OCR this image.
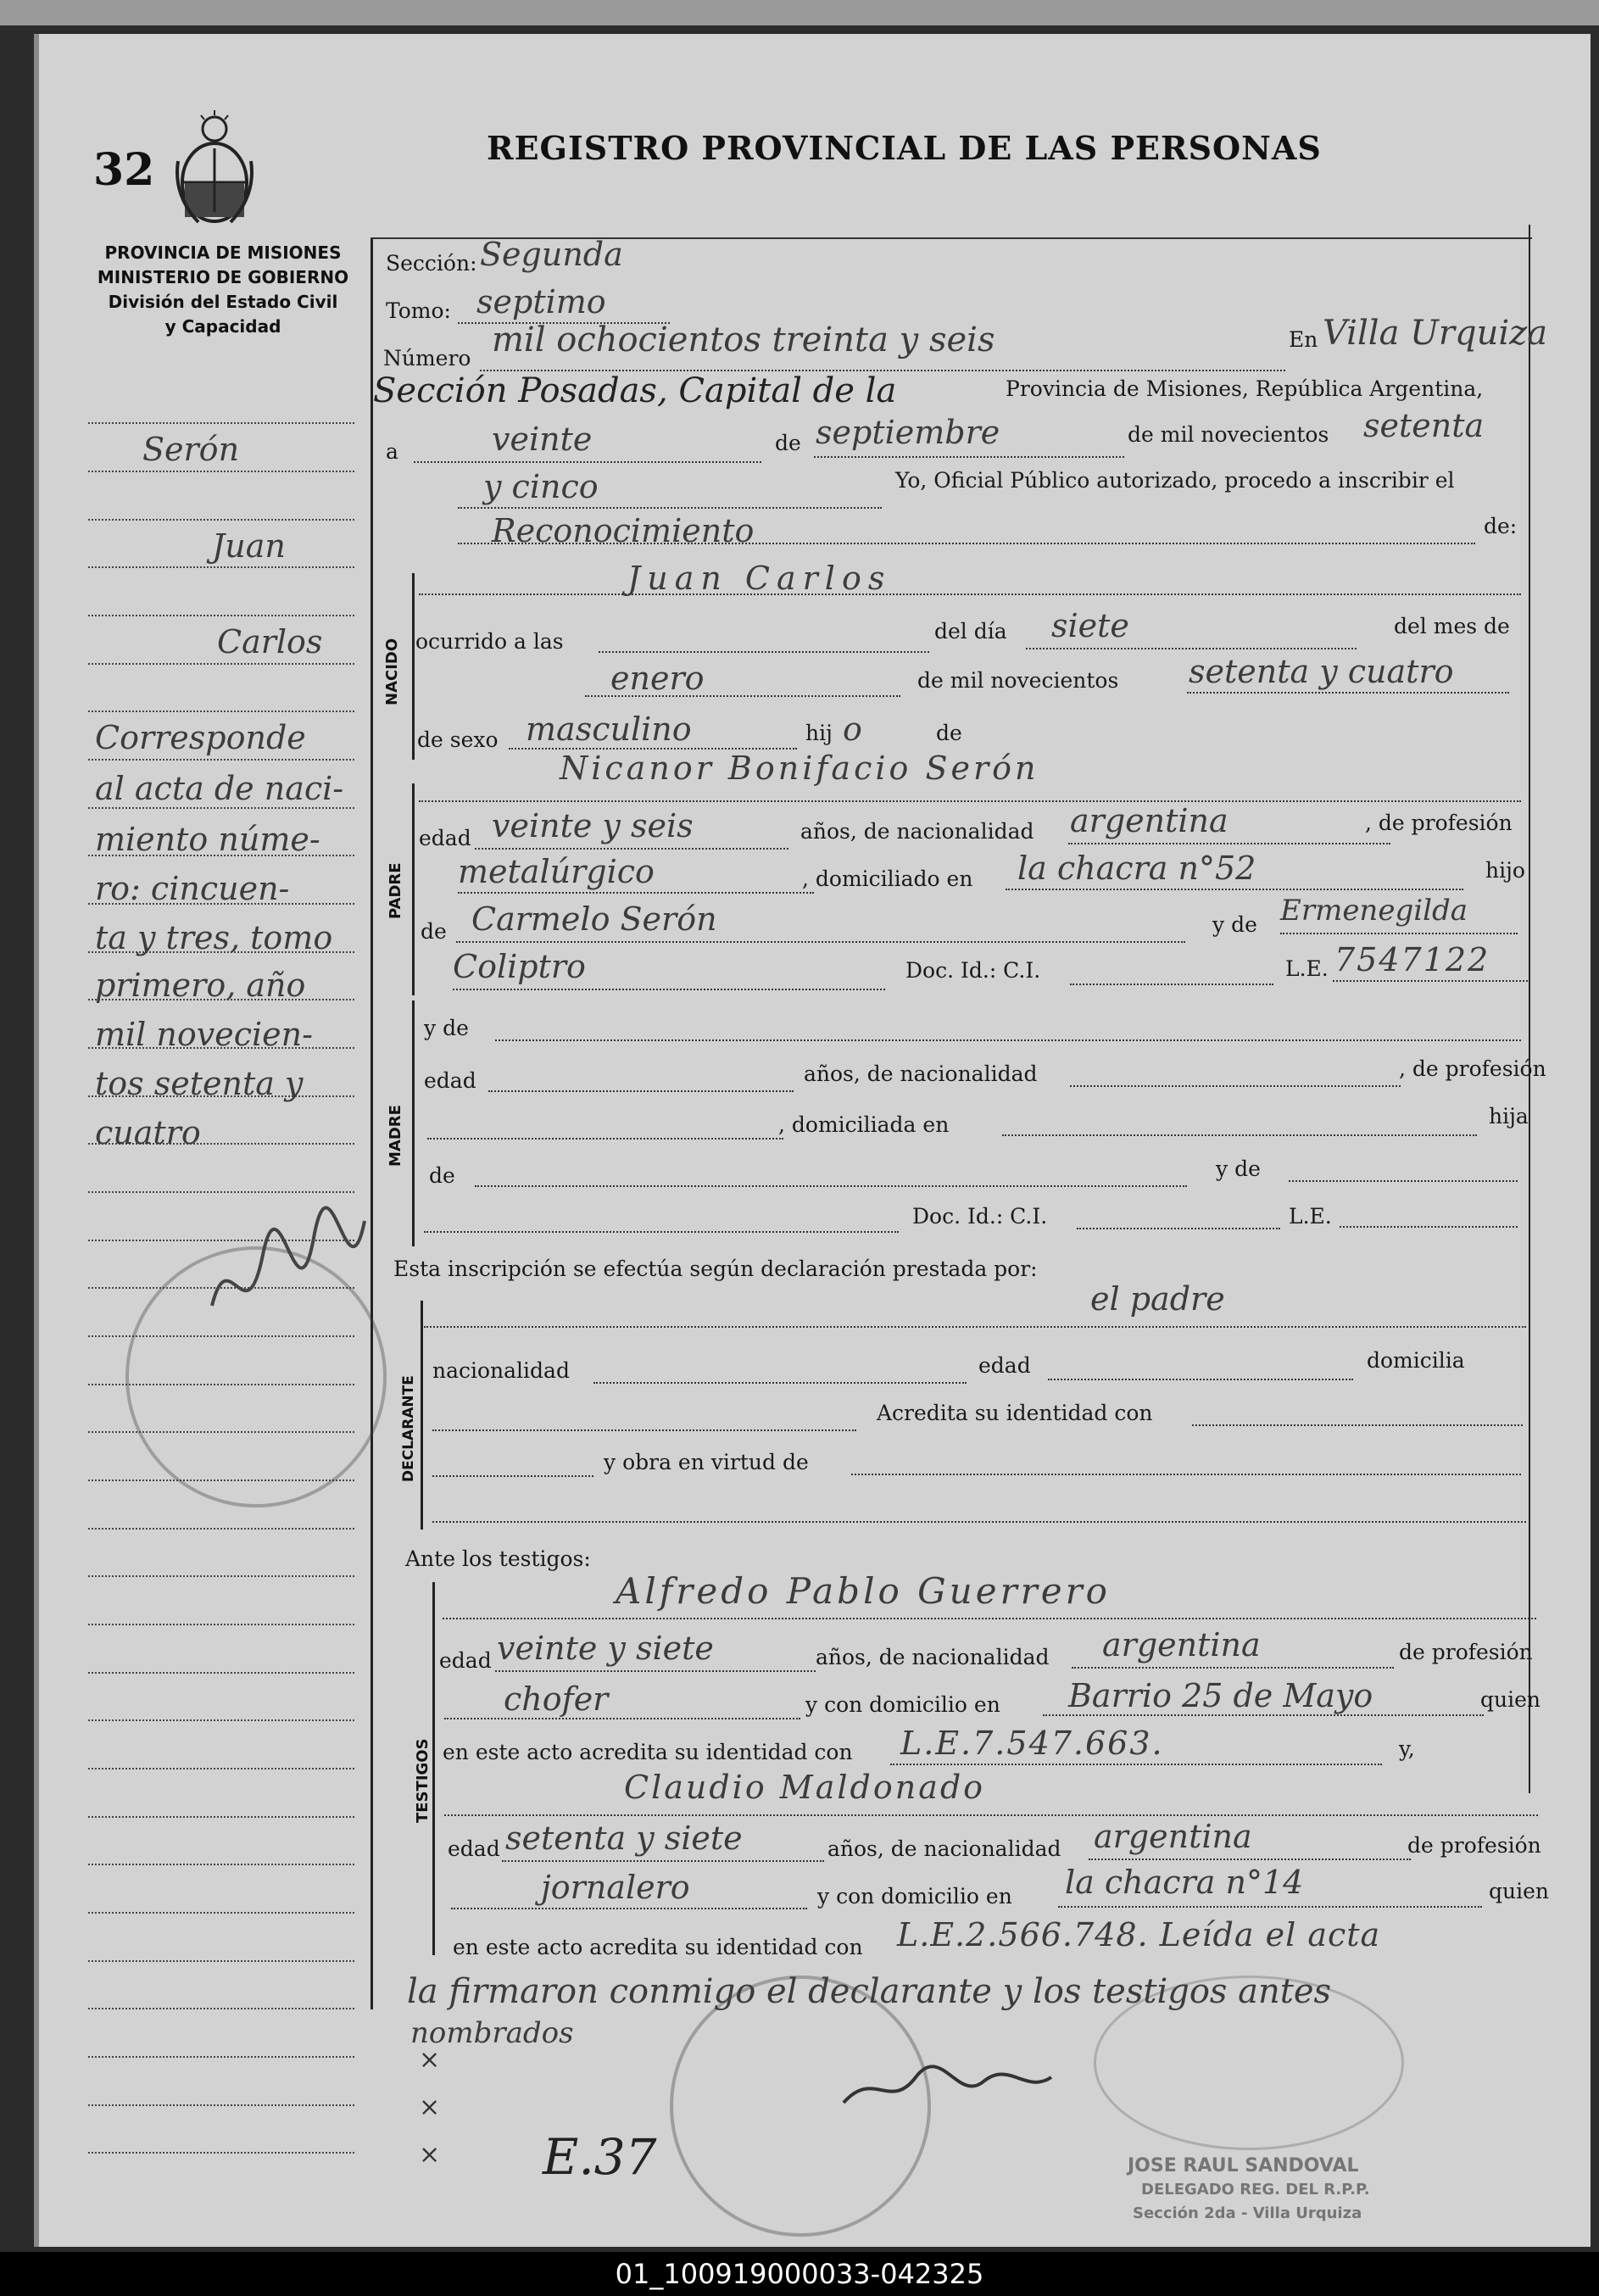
32	REGISTRO PROVINCIAL DE LAS PERSONAS
PROVINCIA DE MISIONES
MINISTERIO DE GOBIERNO
División del Estado Civil
y Capacidad
Serón
Juan
Carlos
Corresponde
al acta de naci-
miento núme-
ro: cincuen-
ta y tres, tomo
primero, año
mil novecien-
tos setenta y
cuatro
Sección: Segunda
Tomo: septimo
Número mil ochocientos treinta y seis	En Villa Urquiza
Sección Posadas, Capital de la	Provincia de Misiones, República Argentina,
a	veinte	de septiembre	de mil novecientos setenta
y cinco	Yo, Oficial Público autorizado, procedo a inscribir el
Reconocimiento	de:
NACIDO
Juan Carlos
ocurrido a las	del día siete	del mes de
enero	de mil novecientos setenta y cuatro
de sexo masculino	hij o	de
Nicanor Bonifacio Serón
PADRE
edad veinte y seis	años, de nacionalidad argentina	, de profesión
metalúrgico	, domiciliado en la chacra n°52	hijo
de Carmelo Serón	y de Ermenegilda
Coliptro	Doc. Id.: C.I.	L.E. 7547122
MADRE
y de
edad	años, de nacionalidad	, de profesión
, domiciliada en	hija
de	y de
Doc. Id.: C.I.	L.E.
Esta inscripción se efectúa según declaración prestada por:
el padre
DECLARANTE
nacionalidad	edad	domicilia
Acredita su identidad con
y obra en virtud de
Ante los testigos:
TESTIGOS
Alfredo Pablo Guerrero
edad veinte y siete	años, de nacionalidad argentina	de profesión
chofer	y con domicilio en Barrio 25 de Mayo	quien
en este acto acredita su identidad con L.E.7.547.663.	y,
Claudio Maldonado
edad setenta y siete	años, de nacionalidad argentina	de profesión
jornalero	y con domicilio en la chacra n°14	quien
en este acto acredita su identidad con L.E.2.566.748. Leída el acta
la firmaron conmigo el declarante y los testigos antes
nombrados
E.37
×
×
×	JOSE RAUL SANDOVAL
DELEGADO REG. DEL R.P.P.
Sección 2da - Villa Urquiza
01_100919000033-042325
